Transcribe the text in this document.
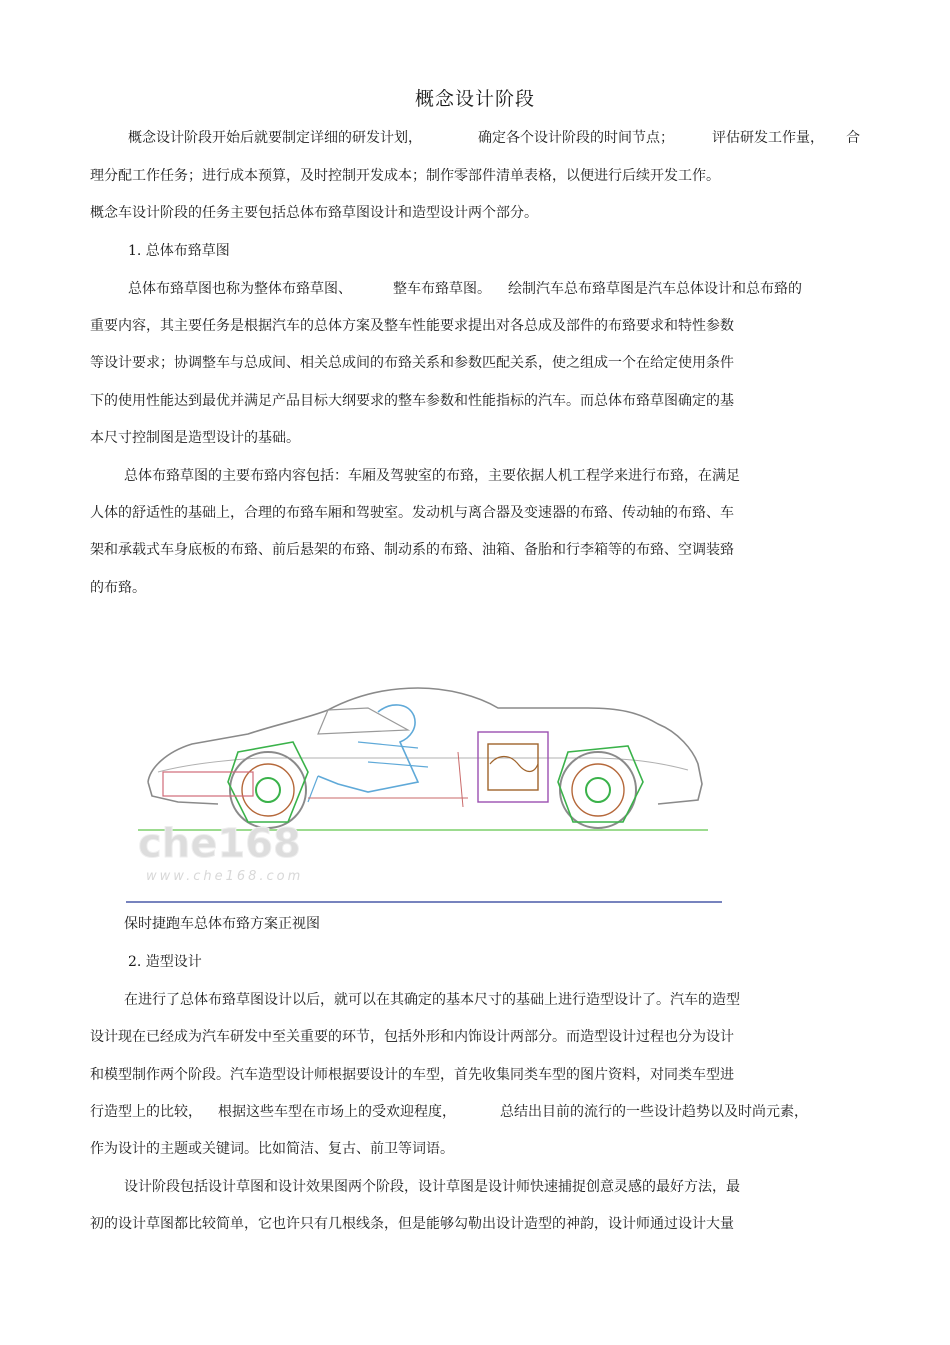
概念设计阶段
概念设计阶段开始后就要制定详细的研发计划，	确定各个设计阶段的时间节点；	评估研发工作量， 合
理分配工作任务；进行成本预算，及时控制开发成本；制作零部件清单表格，以便进行后续开发工作。
概念车设计阶段的任务主要包括总体布臵草图设计和造型设计两个部分。
1. 总体布臵草图
总体布臵草图也称为整体布臵草图、	整车布臵草图。 绘制汽车总布臵草图是汽车总体设计和总布臵的
重要内容，其主要任务是根据汽车的总体方案及整车性能要求提出对各总成及部件的布臵要求和特性参数
等设计要求；协调整车与总成间、相关总成间的布臵关系和参数匹配关系，使之组成一个在给定使用条件
下的使用性能达到最优并满足产品目标大纲要求的整车参数和性能指标的汽车。而总体布臵草图确定的基
本尺寸控制图是造型设计的基础。
总体布臵草图的主要布臵内容包括：车厢及驾驶室的布臵，主要依据人机工程学来进行布臵，在满足
人体的舒适性的基础上，合理的布臵车厢和驾驶室。发动机与离合器及变速器的布臵、传动轴的布臵、车
架和承载式车身底板的布臵、前后悬架的布臵、制动系的布臵、油箱、备胎和行李箱等的布臵、空调装臵
的布臵。
che168
www.che168.com
保时捷跑车总体布臵方案正视图
2. 造型设计
在进行了总体布臵草图设计以后，就可以在其确定的基本尺寸的基础上进行造型设计了。汽车的造型
设计现在已经成为汽车研发中至关重要的环节，包括外形和内饰设计两部分。而造型设计过程也分为设计
和模型制作两个阶段。汽车造型设计师根据要设计的车型，首先收集同类车型的图片资料，对同类车型进
行造型上的比较， 根据这些车型在市场上的受欢迎程度，	总结出目前的流行的一些设计趋势以及时尚元素，
作为设计的主题或关键词。比如简洁、复古、前卫等词语。
设计阶段包括设计草图和设计效果图两个阶段，设计草图是设计师快速捕捉创意灵感的最好方法，最
初的设计草图都比较简单，它也许只有几根线条，但是能够勾勒出设计造型的神韵，设计师通过设计大量
